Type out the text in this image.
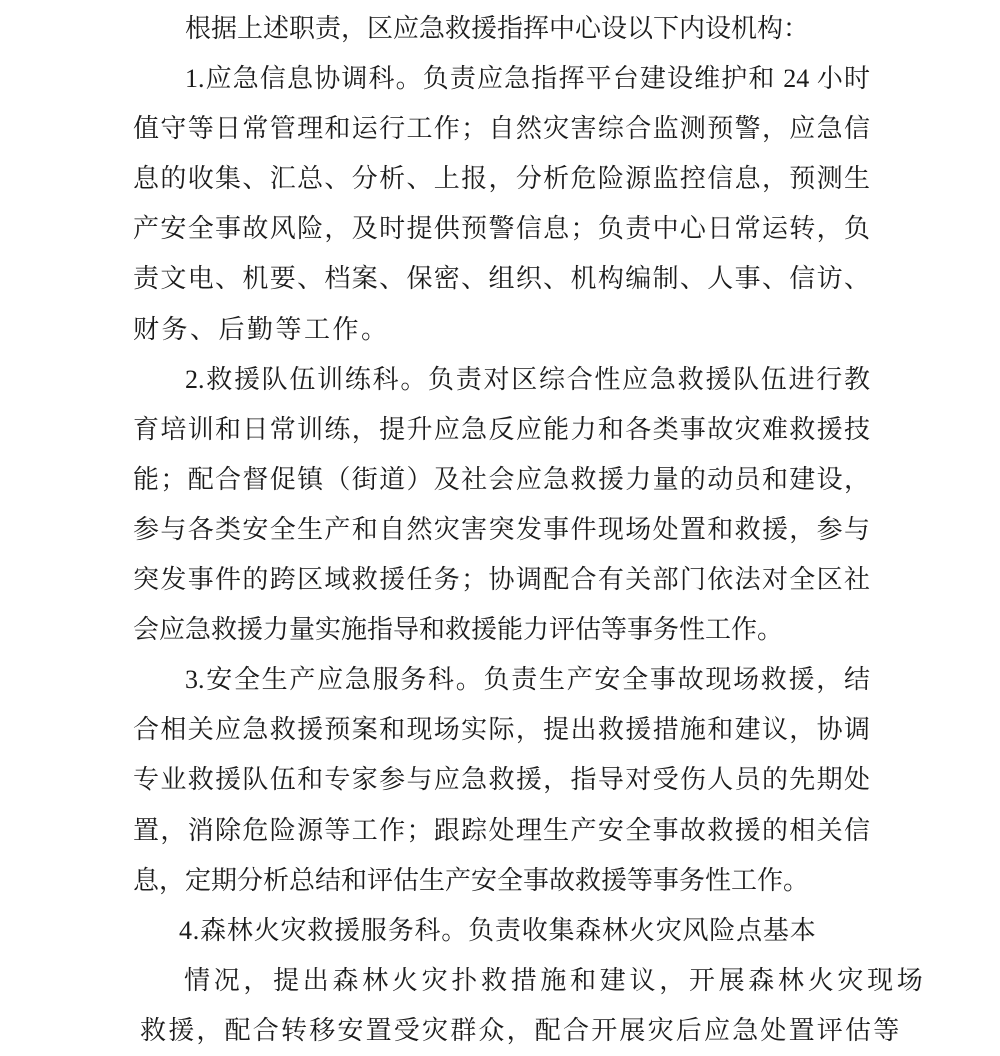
根据上述职责，区应急救援指挥中心设以下内设机构：
1.应急信息协调科。负责应急指挥平台建设维护和 24 小时
值守等日常管理和运行工作；自然灾害综合监测预警，应急信
息的收集、汇总、分析、上报，分析危险源监控信息，预测生
产安全事故风险，及时提供预警信息；负责中心日常运转，负
责文电、机要、档案、保密、组织、机构编制、人事、信访、
财务、后勤等工作。
2.救援队伍训练科。负责对区综合性应急救援队伍进行教
育培训和日常训练，提升应急反应能力和各类事故灾难救援技
能；配合督促镇（街道）及社会应急救援力量的动员和建设，
参与各类安全生产和自然灾害突发事件现场处置和救援，参与
突发事件的跨区域救援任务；协调配合有关部门依法对全区社
会应急救援力量实施指导和救援能力评估等事务性工作。
3.安全生产应急服务科。负责生产安全事故现场救援，结
合相关应急救援预案和现场实际，提出救援措施和建议，协调
专业救援队伍和专家参与应急救援，指导对受伤人员的先期处
置，消除危险源等工作；跟踪处理生产安全事故救援的相关信
息，定期分析总结和评估生产安全事故救援等事务性工作。
4.森林火灾救援服务科。负责收集森林火灾风险点基本
情况，提出森林火灾扑救措施和建议，开展森林火灾现场
救援，配合转移安置受灾群众，配合开展灾后应急处置评估等
